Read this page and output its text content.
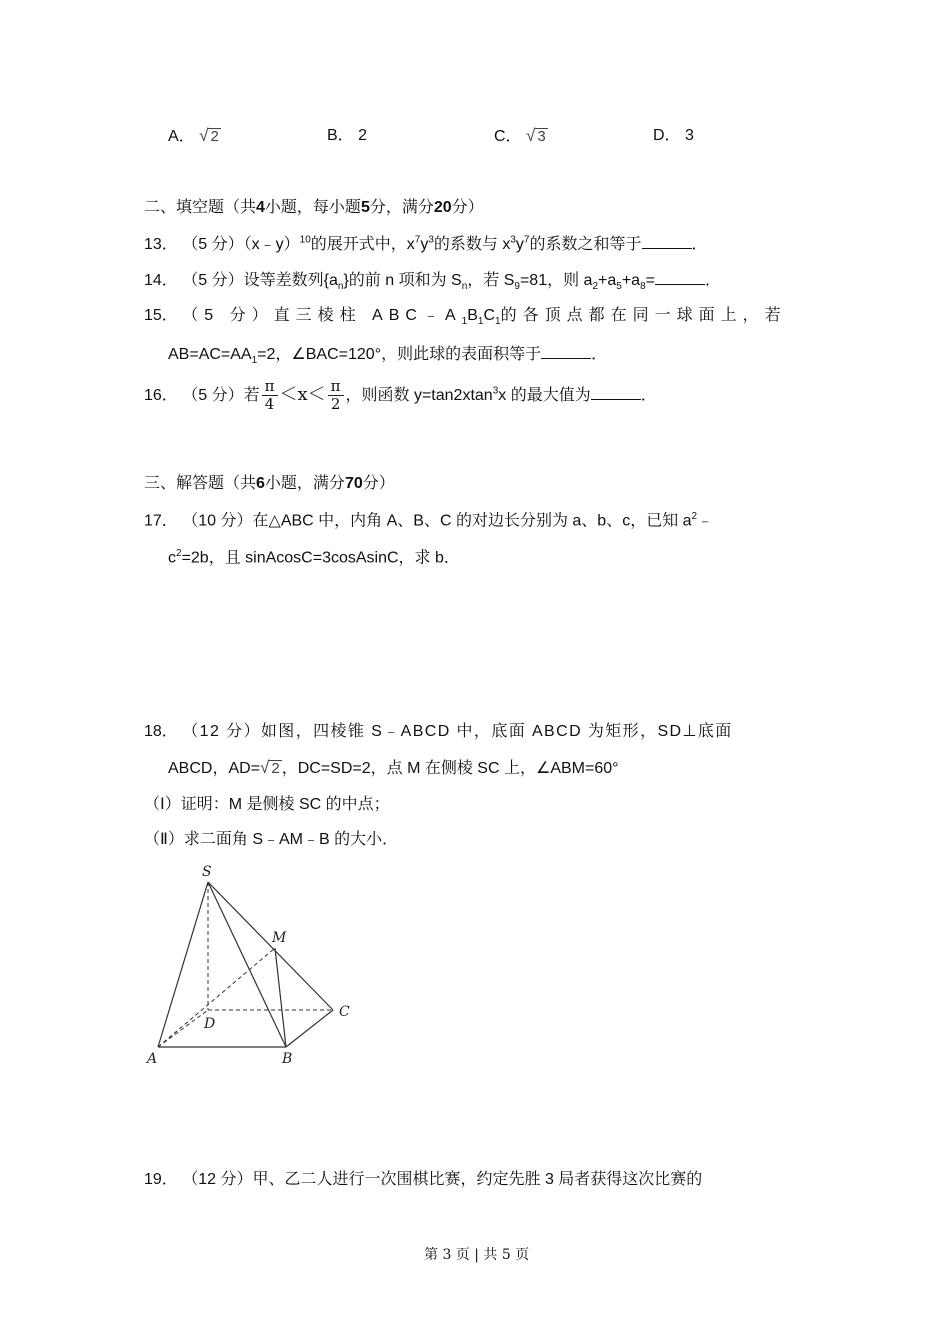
A． √ 2	B． 2	C． √ 3	D． 3
二、填空题（共4小题，每小题5分，满分20分）
13． （5 分）（x﹣y）$^{10}$的展开式中，$x^7y^3$的系数与 $x^3y^7$的系数之和等于	．
14． （5 分）设等差数列$\{a_n\}$的前 n 项和为 $S_n$，若 $S_9=81$，则 $a_2+a_5+a_8=$	．
15． （5 分）直三棱柱 $ABC﹣A_1B_1C_1$的各顶点都在同一球面上，若
$AB=AC=AA_1=2$，∠BAC=120°，则此球的表面积等于	．
16． （5 分）若 $\frac{\pi}{4} <x< \frac{\pi}{2}$ ，则函数 y=tan2xtan$^3$x 的最大值为	．
三、解答题（共6小题，满分70分）
17． （10 分）在△ABC 中，内角 A、B、C 的对边长分别为 a、b、c，已知 $a^2﹣$
$c^2=2b$，且 sinAcosC=3cosAsinC，求 b．
18． （12 分）如图，四棱锥 S﹣ABCD 中，底面 ABCD 为矩形，SD⊥底面
ABCD，AD=√ 2 ，DC=SD=2，点 M 在侧棱 SC 上，∠ABM=60°
（Ⅰ）证明：M 是侧棱 SC 的中点；
（Ⅱ）求二面角 S﹣AM﹣B 的大小．
S
M
D
C
A	B
19． （12 分）甲、乙二人进行一次围棋比赛，约定先胜 3 局者获得这次比赛的
第 3 页 | 共 5 页
